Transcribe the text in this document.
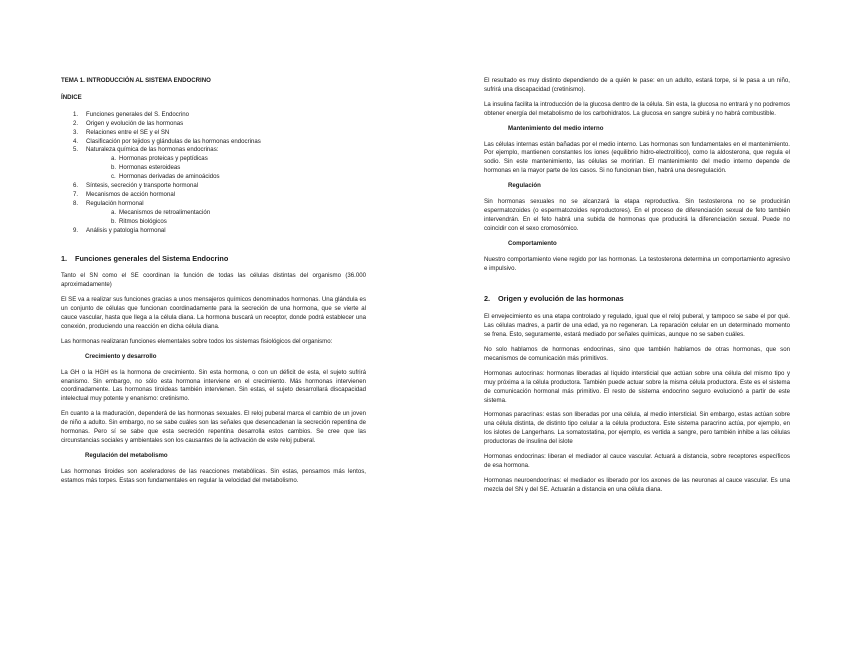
TEMA 1. INTRODUCCIÓN AL SISTEMA ENDOCRINO
ÍNDICE
1. Funciones generales del S. Endocrino
2. Origen y evolución de las hormonas
3. Relaciones entre el SE y el SN
4. Clasificación por tejidos y glándulas de las hormonas endocrinas
5. Naturaleza química de las hormonas endocrinas:
a. Hormonas proteicas y peptídicas
b. Hormonas esteroideas
c. Hormonas derivadas de aminoácidos
6. Síntesis, secreción y transporte hormonal
7. Mecanismos de acción hormonal
8. Regulación hormonal
a. Mecanismos de retroalimentación
b. Ritmos biológicos
9. Análisis y patología hormonal
1. Funciones generales del Sistema Endocrino

Tanto el SN como el SE coordinan la función de todas las células distintas del organismo (36.000 aproximadamente)

El SE va a realizar sus funciones gracias a unos mensajeros químicos denominados hormonas. Una glándula es un conjunto de células que funcionan coordinadamente para la secreción de una hormona, que se vierte al cauce vascular, hasta que llega a la célula diana. La hormona buscará un receptor, donde podrá establecer una conexión, produciendo una reacción en dicha célula diana.

Las hormonas realizaran funciones elementales sobre todos los sistemas fisiológicos del organismo:

Crecimiento y desarrollo

La GH o la HGH es la hormona de crecimiento. Sin esta hormona, o con un déficit de esta, el sujeto sufrirá enanismo. Sin embargo, no sólo esta hormona interviene en el crecimiento. Más hormonas intervienen coordinadamente. Las hormonas tiroideas también intervienen. Sin estas, el sujeto desarrollará discapacidad intelectual muy potente y enanismo: cretinismo.

En cuanto a la maduración, dependerá de las hormonas sexuales. El reloj puberal marca el cambio de un joven de niño a adulto. Sin embargo, no se sabe cuáles son las señales que desencadenan la secreción repentina de hormonas. Pero sí se sabe que esta secreción repentina desarrolla estos cambios. Se cree que las circunstancias sociales y ambientales son los causantes de la activación de este reloj puberal.

Regulación del metabolismo

Las hormonas tiroides son aceleradores de las reacciones metabólicas. Sin estas, pensamos más lentos, estamos más torpes. Estas son fundamentales en regular la velocidad del metabolismo.

El resultado es muy distinto dependiendo de a quién le pase: en un adulto, estará torpe, si le pasa a un niño, sufrirá una discapacidad (cretinismo).

La insulina facilita la introducción de la glucosa dentro de la célula. Sin esta, la glucosa no entrará y no podremos obtener energía del metabolismo de los carbohidratos. La glucosa en sangre subirá y no habrá combustible.

Mantenimiento del medio interno

Las células internas están bañadas por el medio interno. Las hormonas son fundamentales en el mantenimiento. Por ejemplo, mantienen constantes los iones (equilibrio hidro-electrolítico), como la aldosterona, que regula el sodio. Sin este mantenimiento, las células se morirían. El mantenimiento del medio interno depende de hormonas en la mayor parte de los casos. Si no funcionan bien, habrá una desregulación.

Regulación

Sin hormonas sexuales no se alcanzará la etapa reproductiva. Sin testosterona no se producirán espermatozoides (o espermatozoides reproductores). En el proceso de diferenciación sexual de feto también intervendrán. En el feto habrá una subida de hormonas que producirá la diferenciación sexual. Puede no coincidir con el sexo cromosómico.

Comportamiento

Nuestro comportamiento viene regido por las hormonas. La testosterona determina un comportamiento agresivo e impulsivo.

2. Origen y evolución de las hormonas

El envejecimiento es una etapa controlado y regulado, igual que el reloj puberal, y tampoco se sabe el por qué. Las células madres, a partir de una edad, ya no regeneran. La reparación celular en un determinado momento se frena. Esto, seguramente, estará mediado por señales químicas, aunque no se saben cuáles.

No solo hablamos de hormonas endocrinas, sino que también hablamos de otras hormonas, que son mecanismos de comunicación más primitivos.

Hormonas autocrinas: hormonas liberadas al líquido intersticial que actúan sobre una célula del mismo tipo y muy próxima a la célula productora. También puede actuar sobre la misma célula productora. Este es el sistema de comunicación hormonal más primitivo. El resto de sistema endocrino seguro evolucionó a partir de este sistema.

Hormonas paracrinas: estas son liberadas por una célula, al medio intersticial. Sin embargo, estas actúan sobre una célula distinta, de distinto tipo celular a la célula productora. Este sistema paracrino actúa, por ejemplo, en los islotes de Langerhans. La somatostatina, por ejemplo, es vertida a sangre, pero también inhibe a las células productoras de insulina del islote

Hormonas endocrinas: liberan el mediador al cauce vascular. Actuará a distancia, sobre receptores específicos de esa hormona.

Hormonas neuroendocrinas: el mediador es liberado por los axones de las neuronas al cauce vascular. Es una mezcla del SN y del SE. Actuarán a distancia en una célula diana.
